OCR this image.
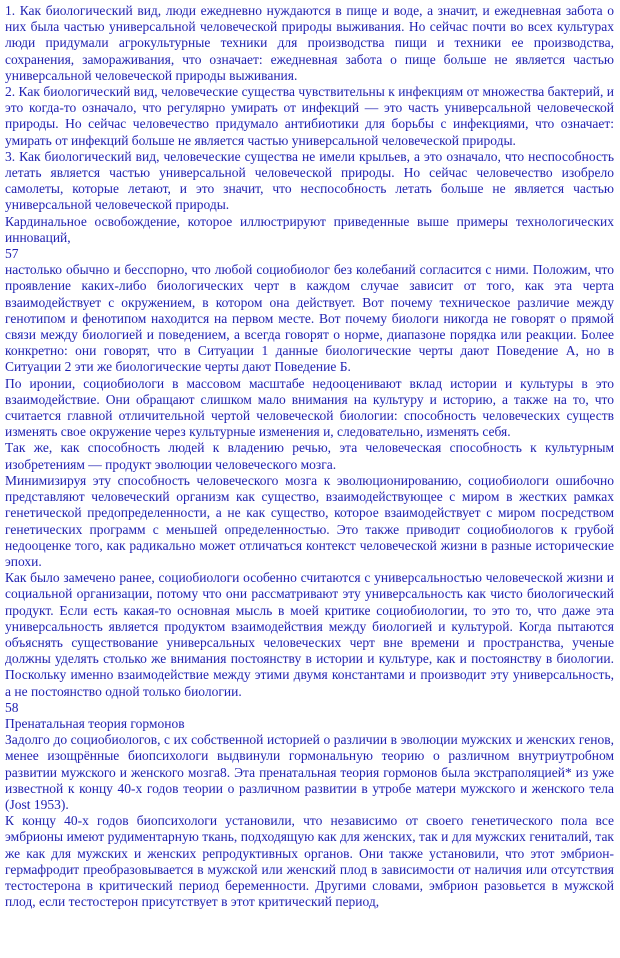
1. Как биологический вид, люди ежедневно нуждаются в пище и воде, а значит, и ежедневная забота о них была частью универсальной человеческой природы выживания. Но сейчас почти во всех культурах люди придумали агрокультурные техники для производства пищи и техники ее производства, сохранения, замораживания, что означает: ежедневная забота о пище больше не является частью универсальной человеческой природы выживания.

2. Как биологический вид, человеческие существа чувствительны к инфекциям от множества бактерий, и это когда-то означало, что регулярно умирать от инфекций — это часть универсальной человеческой природы. Но сейчас человечество придумало антибиотики для борьбы с инфекциями, что означает: умирать от инфекций больше не является частью универсальной человеческой природы.

3. Как биологический вид, человеческие существа не имели крыльев, а это означало, что неспособность летать является частью универсальной человеческой природы. Но сейчас человечество изобрело самолеты, которые летают, и это значит, что неспособность летать больше не является частью универсальной человеческой природы.

Кардинальное освобождение, которое иллюстрируют приведенные выше примеры технологических инноваций,

57

настолько обычно и бесспорно, что любой социобиолог без колебаний согласится с ними. Положим, что проявление каких-либо биологических черт в каждом случае зависит от того, как эта черта взаимодействует с окружением, в котором она действует. Вот почему техническое различие между генотипом и фенотипом находится на первом месте. Вот почему биологи никогда не говорят о прямой связи между биологией и поведением, а всегда говорят о норме, диапазоне порядка или реакции. Более конкретно: они говорят, что в Ситуации 1 данные биологические черты дают Поведение А, но в Ситуации 2 эти же биологические черты дают Поведение Б.

По иронии, социобиологи в массовом масштабе недооценивают вклад истории и культуры в это взаимодействие. Они обращают слишком мало внимания на культуру и историю, а также на то, что считается главной отличительной чертой человеческой биологии: способность человеческих существ изменять свое окружение через культурные изменения и, следовательно, изменять себя.

Так же, как способность людей к владению речью, эта человеческая способность к культурным изобретениям — продукт эволюции человеческого мозга.

Минимизируя эту способность человеческого мозга к эволюционированию, социобиологи ошибочно представляют человеческий организм как существо, взаимодействующее с миром в жестких рамках генетической предопределенности, а не как существо, которое взаимодействует с миром посредством генетических программ с меньшей определенностью. Это также приводит социобиологов к грубой недооценке того, как радикально может отличаться контекст человеческой жизни в разные исторические эпохи.

Как было замечено ранее, социобиологи особенно считаются с универсальностью человеческой жизни и социальной организации, потому что они рассматривают эту универсальность как чисто биологический продукт. Если есть какая-то основная мысль в моей критике социобиологии, то это то, что даже эта универсальность является продуктом взаимодействия между биологией и культурой. Когда пытаются объяснять существование универсальных человеческих черт вне времени и пространства, ученые должны уделять столько же внимания постоянству в истории и культуре, как и постоянству в биологии. Поскольку именно взаимодействие между этими двумя константами и производит эту универсальность, а не постоянство одной только биологии.

58

Пренатальная теория гормонов

Задолго до социобиологов, с их собственной историей о различии в эволюции мужских и женских генов, менее изощрённые биопсихологи выдвинули гормональную теорию о различном внутриутробном развитии мужского и женского мозга8. Эта пренатальная теория гормонов была экстраполяцией* из уже известной к концу 40-х годов теории о различном развитии в утробе матери мужского и женского тела (Jost 1953).

К концу 40-х годов биопсихологи установили, что независимо от своего генетического пола все эмбрионы имеют рудиментарную ткань, подходящую как для женских, так и для мужских гениталий, так же как для мужских и женских репродуктивных органов. Они также установили, что этот эмбрион-гермафродит преобразовывается в мужской или женский плод в зависимости от наличия или отсутствия тестостерона в критический период беременности. Другими словами, эмбрион разовьется в мужской плод, если тестостерон присутствует в этот критический период,
